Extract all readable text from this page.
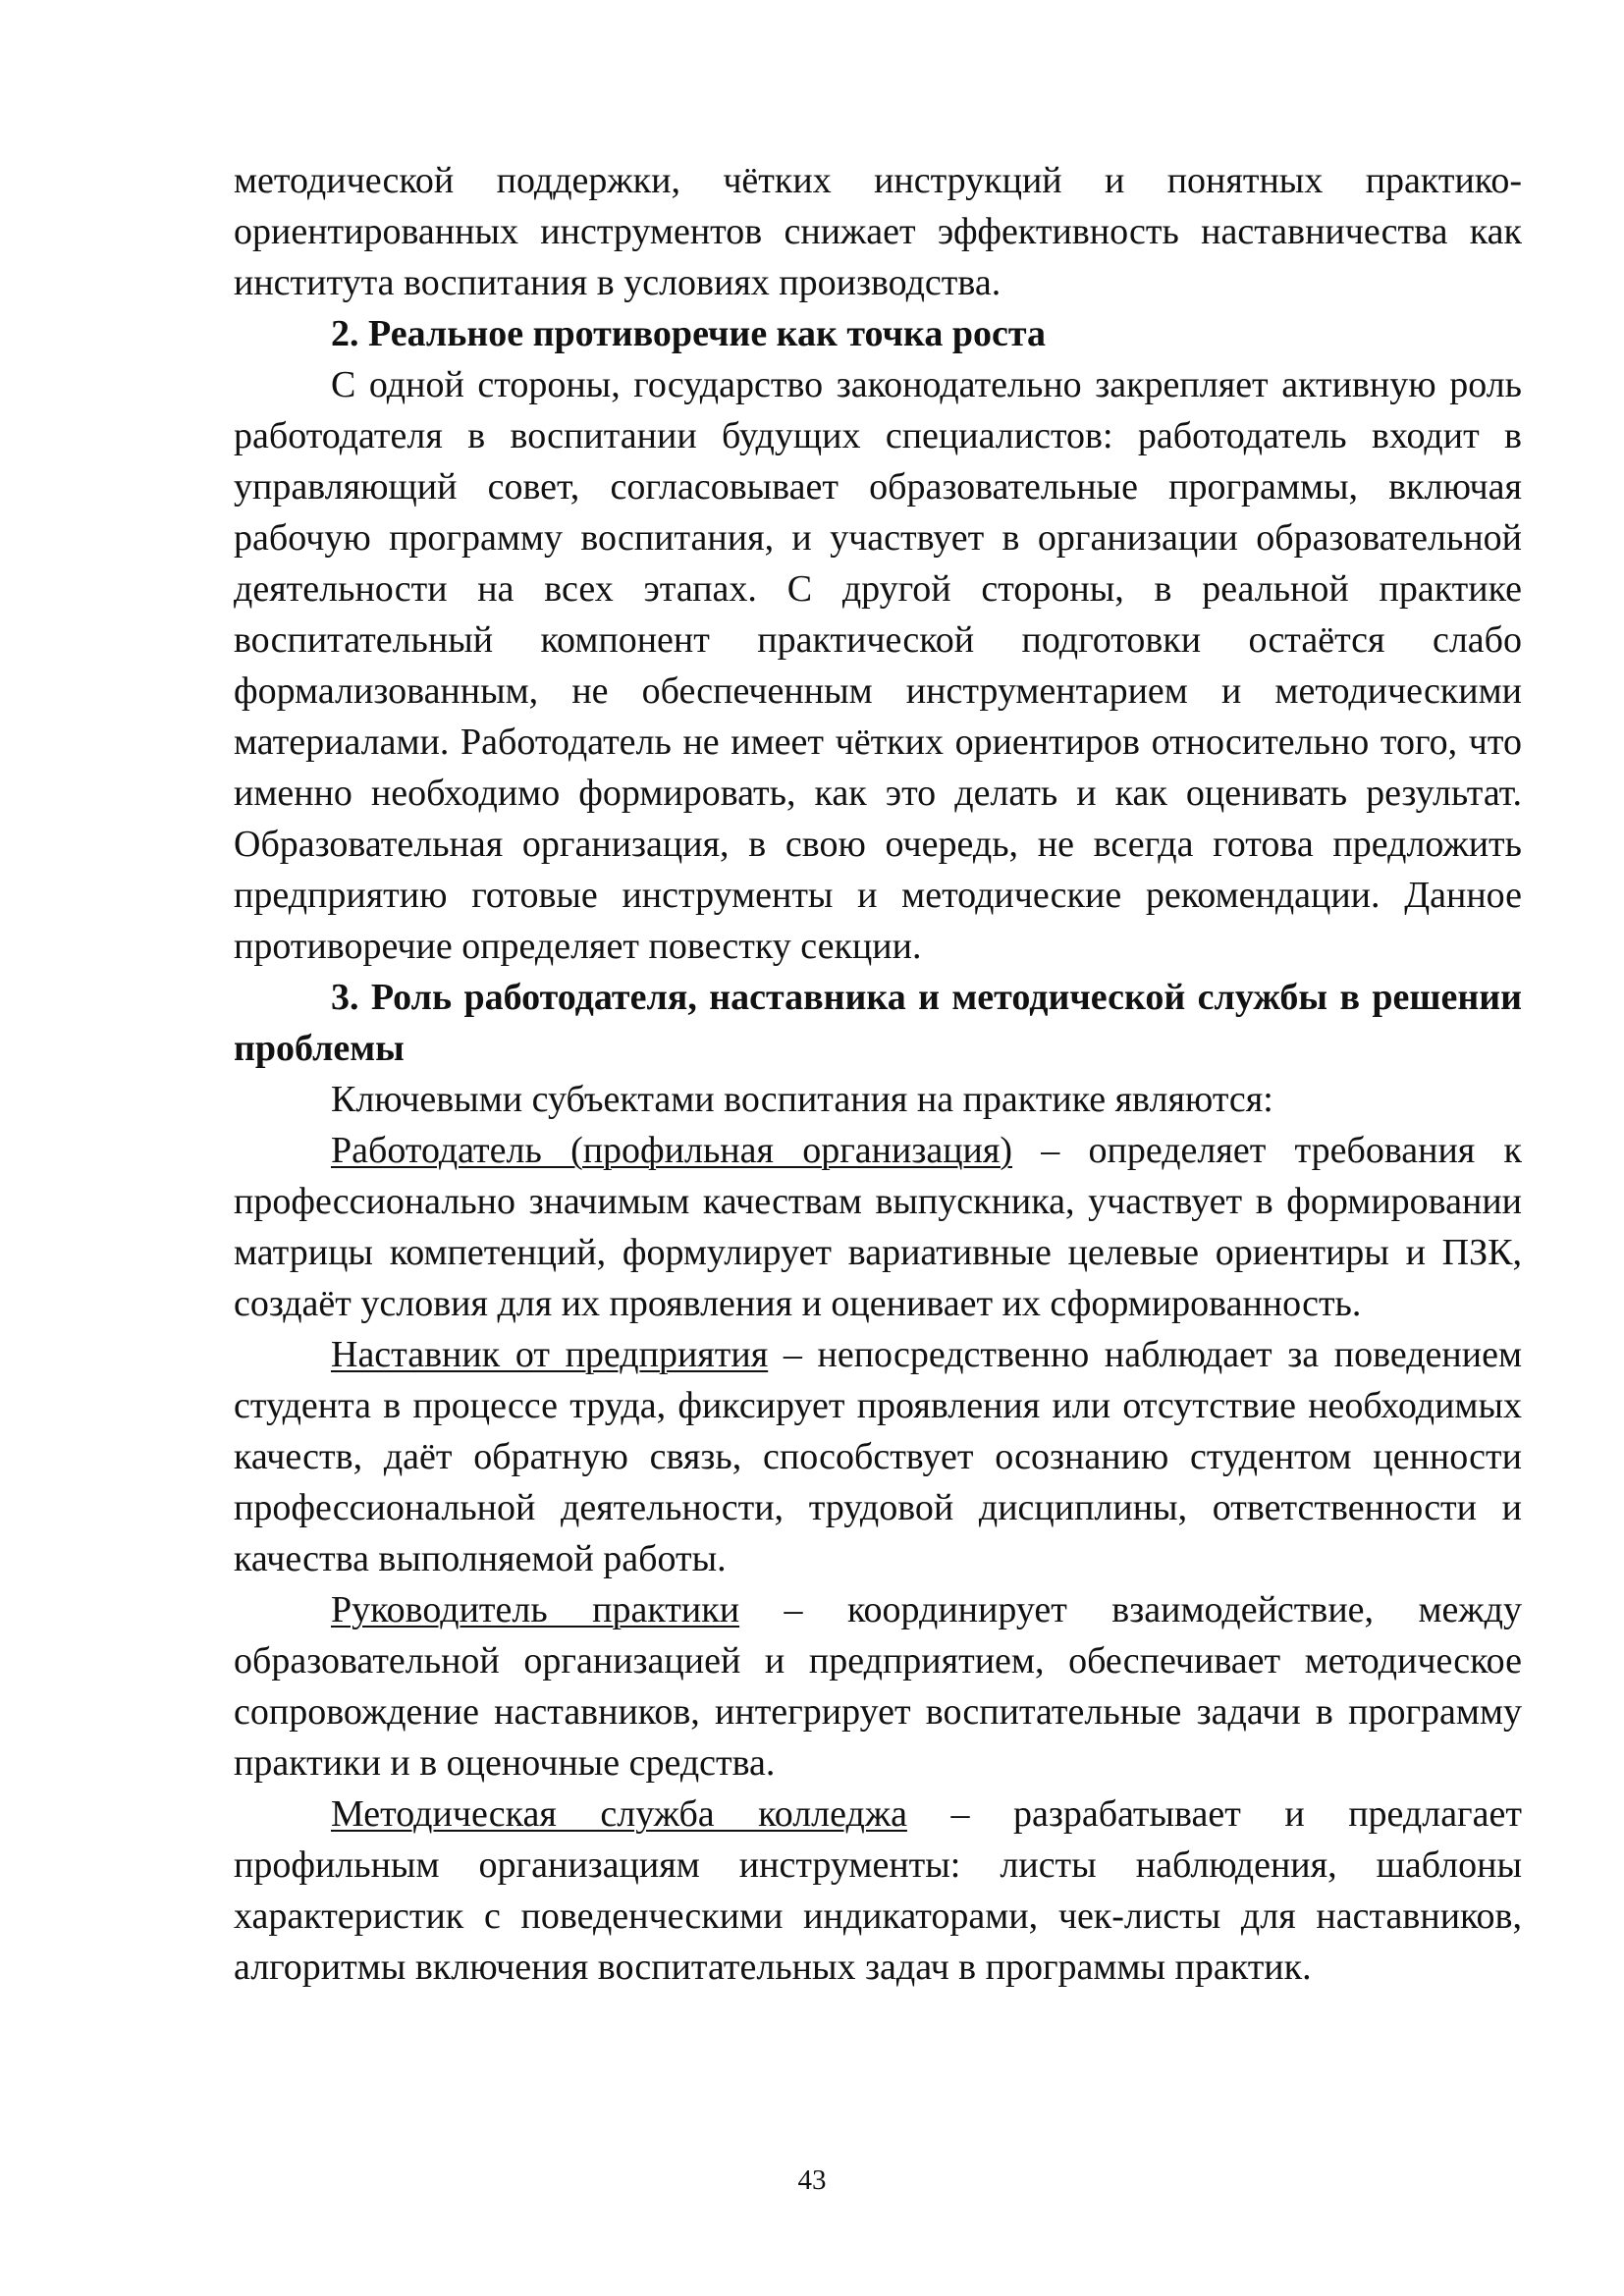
методической поддержки, чётких инструкций и понятных практико-ориентированных инструментов снижает эффективность наставничества как института воспитания в условиях производства.

2. Реальное противоречие как точка роста

С одной стороны, государство законодательно закрепляет активную роль работодателя в воспитании будущих специалистов: работодатель входит в управляющий совет, согласовывает образовательные программы, включая рабочую программу воспитания, и участвует в организации образовательной деятельности на всех этапах. С другой стороны, в реальной практике воспитательный компонент практической подготовки остаётся слабо формализованным, не обеспеченным инструментарием и методическими материалами. Работодатель не имеет чётких ориентиров относительно того, что именно необходимо формировать, как это делать и как оценивать результат. Образовательная организация, в свою очередь, не всегда готова предложить предприятию готовые инструменты и методические рекомендации. Данное противоречие определяет повестку секции.

3. Роль работодателя, наставника и методической службы в решении проблемы

Ключевыми субъектами воспитания на практике являются:

Работодатель (профильная организация) – определяет требования к профессионально значимым качествам выпускника, участвует в формировании матрицы компетенций, формулирует вариативные целевые ориентиры и ПЗК, создаёт условия для их проявления и оценивает их сформированность.

Наставник от предприятия – непосредственно наблюдает за поведением студента в процессе труда, фиксирует проявления или отсутствие необходимых качеств, даёт обратную связь, способствует осознанию студентом ценности профессиональной деятельности, трудовой дисциплины, ответственности и качества выполняемой работы.

Руководитель практики – координирует взаимодействие, между образовательной организацией и предприятием, обеспечивает методическое сопровождение наставников, интегрирует воспитательные задачи в программу практики и в оценочные средства.

Методическая служба колледжа – разрабатывает и предлагает профильным организациям инструменты: листы наблюдения, шаблоны характеристик с поведенческими индикаторами, чек-листы для наставников, алгоритмы включения воспитательных задач в программы практик.

43
